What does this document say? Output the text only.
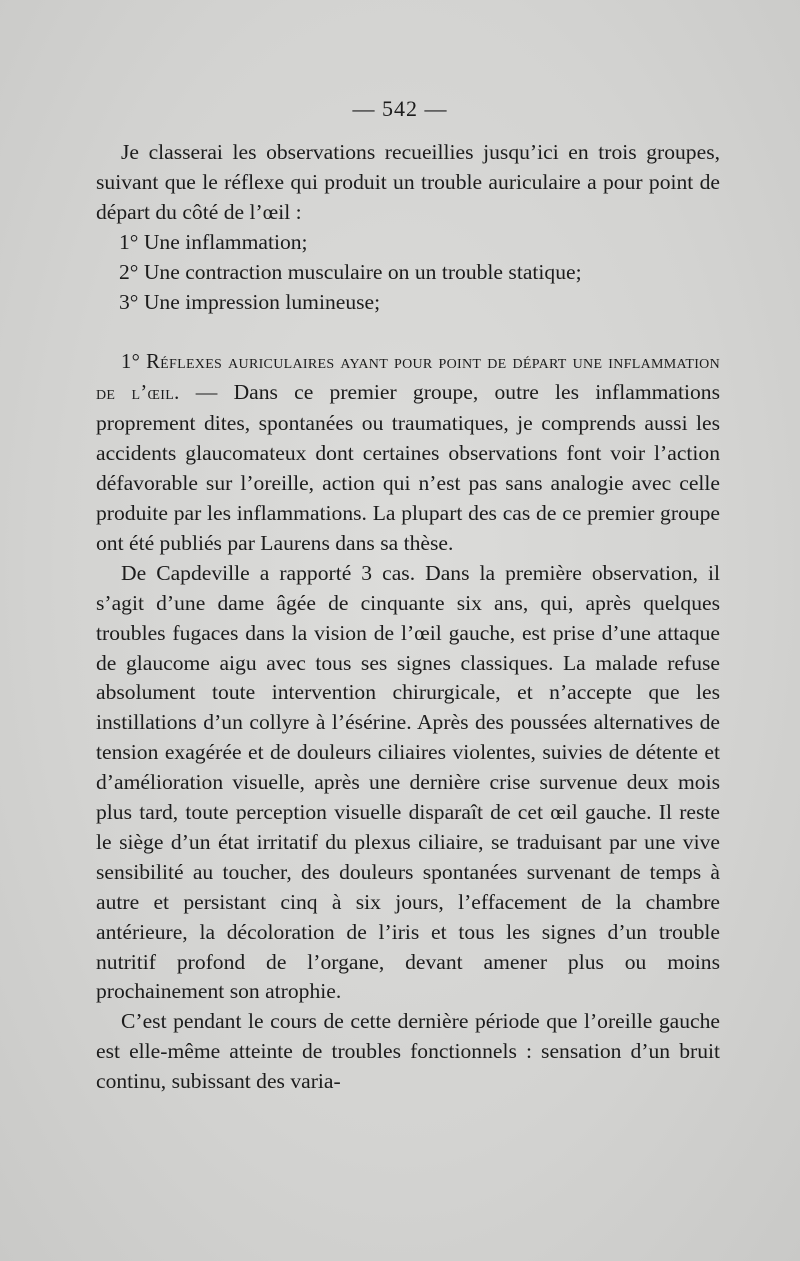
— 542 —

Je classerai les observations recueillies jusqu’ici en trois groupes, suivant que le réflexe qui produit un trouble auriculaire a pour point de départ du côté de l’œil :

1° Une inflammation;

2° Une contraction musculaire on un trouble statique;

3° Une impression lumineuse;

1° Réflexes auriculaires ayant pour point de départ une inflammation de l’œil. — Dans ce premier groupe, outre les inflammations proprement dites, spontanées ou traumatiques, je comprends aussi les accidents glaucomateux dont certaines observations font voir l’action défavorable sur l’oreille, action qui n’est pas sans analogie avec celle produite par les inflammations. La plupart des cas de ce premier groupe ont été publiés par Laurens dans sa thèse.

De Capdeville a rapporté 3 cas. Dans la première observation, il s’agit d’une dame âgée de cinquante six ans, qui, après quelques troubles fugaces dans la vision de l’œil gauche, est prise d’une attaque de glaucome aigu avec tous ses signes classiques. La malade refuse absolument toute intervention chirurgicale, et n’accepte que les instillations d’un collyre à l’ésérine. Après des poussées alternatives de tension exagérée et de douleurs ciliaires violentes, suivies de détente et d’amélioration visuelle, après une dernière crise survenue deux mois plus tard, toute perception visuelle disparaît de cet œil gauche. Il reste le siège d’un état irritatif du plexus ciliaire, se traduisant par une vive sensibilité au toucher, des douleurs spontanées survenant de temps à autre et persistant cinq à six jours, l’effacement de la chambre antérieure, la décoloration de l’iris et tous les signes d’un trouble nutritif profond de l’organe, devant amener plus ou moins prochainement son atrophie.

C’est pendant le cours de cette dernière période que l’oreille gauche est elle-même atteinte de troubles fonctionnels : sensation d’un bruit continu, subissant des varia-
